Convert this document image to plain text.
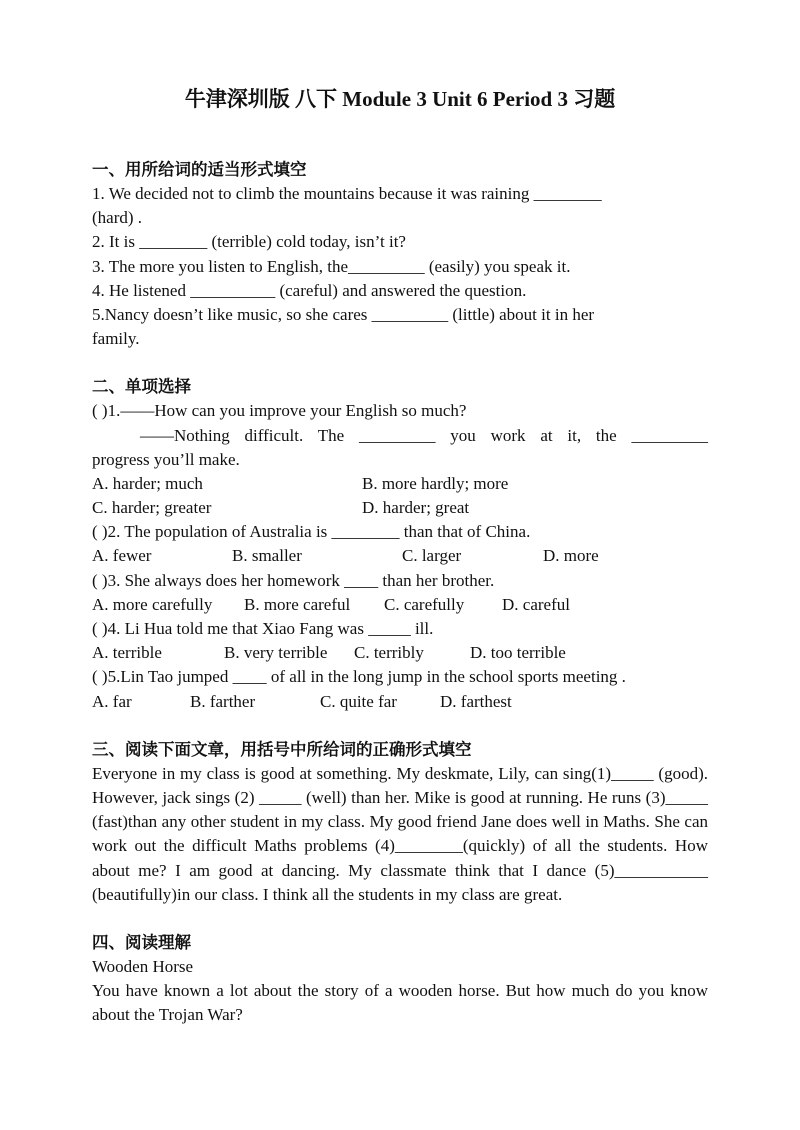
牛津深圳版 八下 Module 3 Unit 6 Period 3 习题
一、用所给词的适当形式填空
1. We decided not to climb the mountains because it was raining ________
(hard) .
2. It is ________ (terrible) cold today, isn’t it?
3. The more you listen to English, the_________ (easily) you speak it.
4. He listened __________ (careful) and answered the question.
5.Nancy doesn’t like music, so she cares _________ (little) about it in her
family.
二、单项选择
( )1.——How can you improve your English so much?
——Nothing difficult. The _________ you work at it, the _________
progress you’ll make.
A. harder; much	B. more hardly; more
C. harder; greater	D. harder; great
( )2. The population of Australia is ________ than that of China.
A. fewer	B. smaller	C. larger	D. more
( )3. She always does her homework ____ than her brother.
A. more carefully	B. more careful	C. carefully	D. careful
( )4. Li Hua told me that Xiao Fang was _____ ill.
A. terrible	B. very terrible	C. terribly	D. too terrible
( )5.Lin Tao jumped ____ of all in the long jump in the school sports meeting .
A. far	B. farther	C. quite far	D. farthest
三、阅读下面文章，用括号中所给词的正确形式填空
Everyone in my class is good at something. My deskmate, Lily, can sing(1)_____ (good). However, jack sings (2) _____ (well) than her. Mike is good at running. He runs (3)_____ (fast)than any other student in my class. My good friend Jane does well in Maths. She can work out the difficult Maths problems (4)________(quickly) of all the students. How about me? I am good at dancing. My classmate think that I dance (5)___________ (beautifully)in our class. I think all the students in my class are great.
四、阅读理解
Wooden Horse
You have known a lot about the story of a wooden horse. But how much do you know about the Trojan War?
